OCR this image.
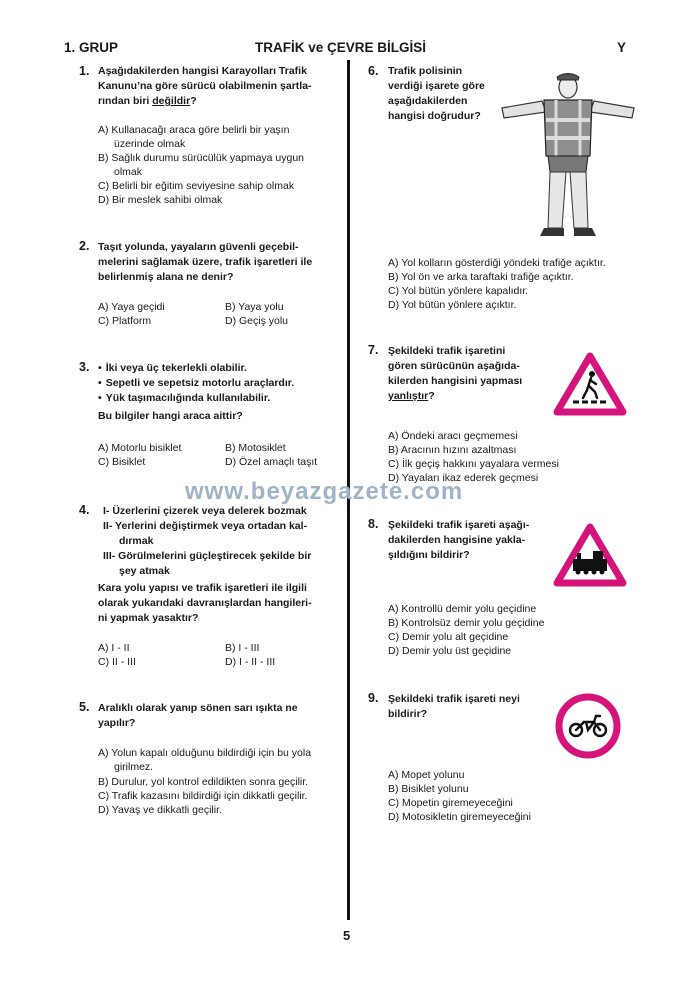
1. GRUP	TRAFİK ve ÇEVRE BİLGİSİ	Y
1. Aşağıdakilerden hangisi Karayolları Trafik
Kanunu’na göre sürücü olabilmenin şartla-
rından biri değildir?
A) Kullanacağı araca göre belirli bir yaşın
üzerinde olmak
B) Sağlık durumu sürücülük yapmaya uygun
olmak
C) Belirli bir eğitim seviyesine sahip olmak
D) Bir meslek sahibi olmak
2. Taşıt yolunda, yayaların güvenli geçebil-
melerini sağlamak üzere, trafik işaretleri ile
belirlenmiş alana ne denir?
A) Yaya geçidi	B) Yaya yolu
C) Platform	D) Geçiş yolu
3.
•	İki veya üç tekerlekli olabilir.
• Sepetli ve sepetsiz motorlu araçlardır.
• Yük taşımacılığında kullanılabilir.
Bu bilgiler hangi araca aittir?
A) Motorlu bisiklet	B) Motosiklet
C) Bisiklet	D) Özel amaçlı taşıt
www.beyazgazete.com
4. I- Üzerlerini çizerek veya delerek bozmak
II- Yerlerini değiştirmek veya ortadan kal-
dırmak
III- Görülmelerini güçleştirecek şekilde bir
şey atmak
Kara yolu yapısı ve trafik işaretleri ile ilgili
olarak yukarıdaki davranışlardan hangileri-
ni yapmak yasaktır?
A) I - II	B) I - III
C) II - III	D) I - II - III
5. Aralıklı olarak yanıp sönen sarı ışıkta ne
yapılır?
A) Yolun kapalı olduğunu bildirdiği için bu yola
girilmez.
B) Durulur, yol kontrol edildikten sonra geçilir.
C) Trafik kazasını bildirdiği için dikkatli geçilir.
D) Yavaş ve dikkatli geçilir.
6. Trafik polisinin
verdiği işarete göre
aşağıdakilerden
hangisi doğrudur?
A) Yol kolların gösterdiği yöndeki trafiğe açıktır.
B) Yol ön ve arka taraftaki trafiğe açıktır.
C) Yol bütün yönlere kapalıdır.
D) Yol bütün yönlere açıktır.
7. Şekildeki trafik işaretini
gören sürücünün aşağıda-
kilerden hangisini yapması
yanlıştır?
A) Öndeki aracı geçmemesi
B) Aracının hızını azaltması
C) İlk geçiş hakkını yayalara vermesi
D) Yayaları ikaz ederek geçmesi
8. Şekildeki trafik işareti aşağı-
dakilerden hangisine yakla-
şıldığını bildirir?
A) Kontrollü demir yolu geçidine
B) Kontrolsüz demir yolu geçidine
C) Demir yolu alt geçidine
D) Demir yolu üst geçidine
9. Şekildeki trafik işareti neyi
bildirir?
A) Mopet yolunu
B) Bisiklet yolunu
C) Mopetin giremeyeceğini
D) Motosikletin giremeyeceğini
5
